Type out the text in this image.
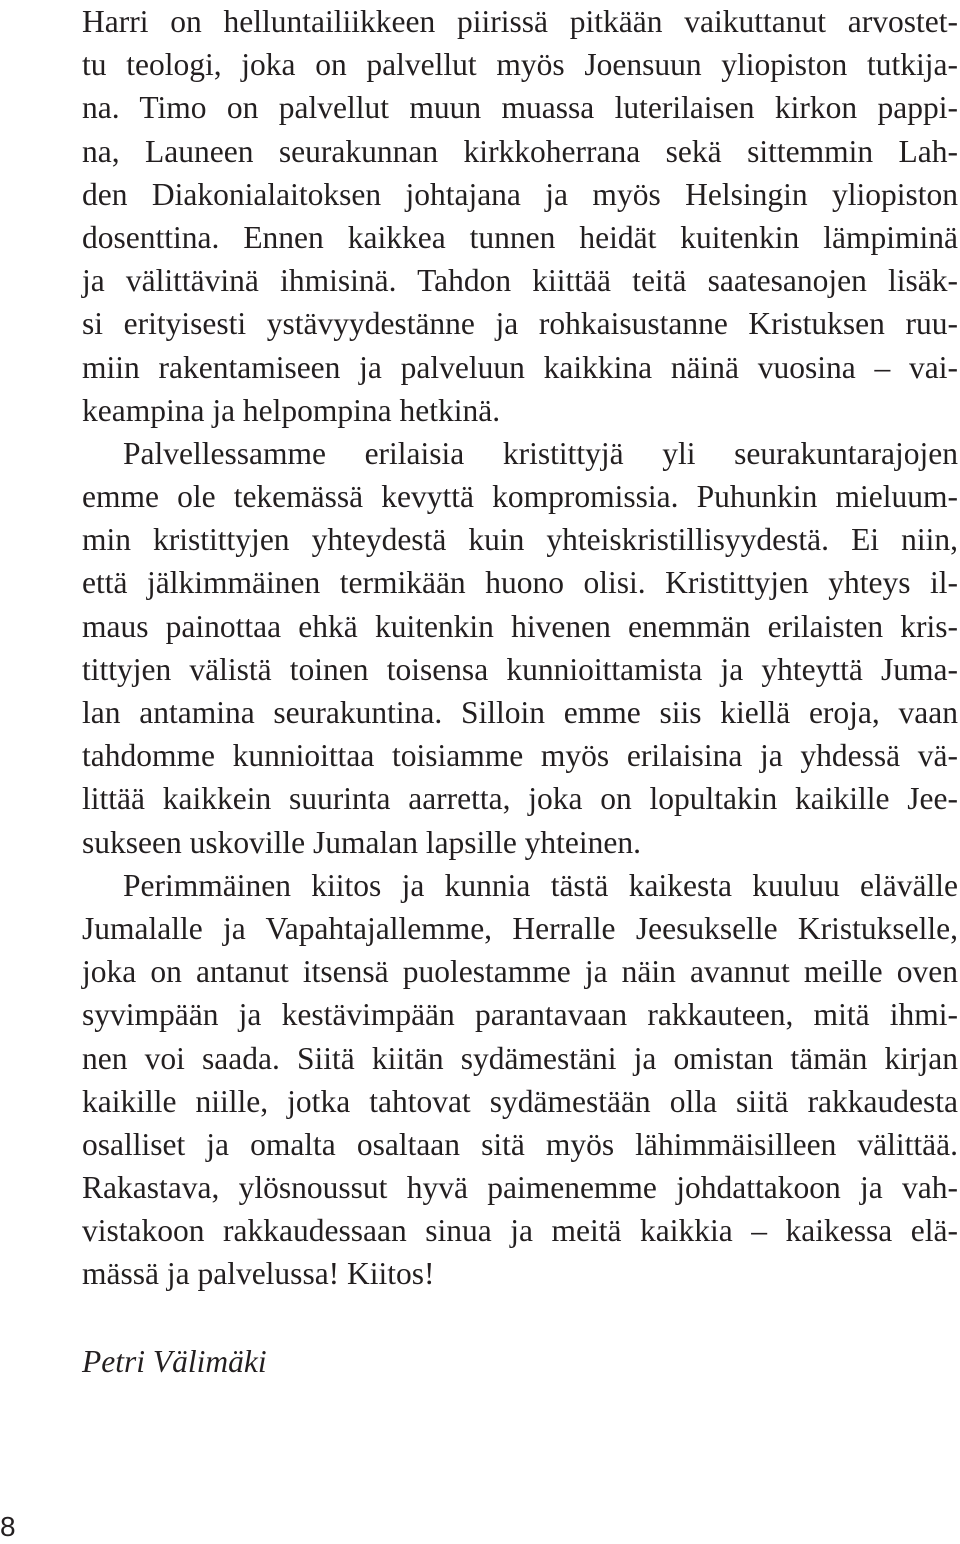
Harri on helluntailiikkeen piirissä pitkään vaikuttanut arvostet-
tu teologi, joka on palvellut myös Joensuun yliopiston tutkija-
na. Timo on palvellut muun muassa luterilaisen kirkon pappi-
na, Launeen seurakunnan kirkkoherrana sekä sittemmin Lah-
den Diakonialaitoksen johtajana ja myös Helsingin yliopiston
dosenttina. Ennen kaikkea tunnen heidät kuitenkin lämpiminä
ja välittävinä ihmisinä. Tahdon kiittää teitä saatesanojen lisäk-
si erityisesti ystävyydestänne ja rohkaisustanne Kristuksen ruu-
miin rakentamiseen ja palveluun kaikkina näinä vuosina – vai-
keampina ja helpompina hetkinä.
Palvellessamme erilaisia kristittyjä yli seurakuntarajojen
emme ole tekemässä kevyttä kompromissia. Puhunkin mieluum-
min kristittyjen yhteydestä kuin yhteiskristillisyydestä. Ei niin,
että jälkimmäinen termikään huono olisi. Kristittyjen yhteys il-
maus painottaa ehkä kuitenkin hivenen enemmän erilaisten kris-
tittyjen välistä toinen toisensa kunnioittamista ja yhteyttä Juma-
lan antamina seurakuntina. Silloin emme siis kiellä eroja, vaan
tahdomme kunnioittaa toisiamme myös erilaisina ja yhdessä vä-
littää kaikkein suurinta aarretta, joka on lopultakin kaikille Jee-
sukseen uskoville Jumalan lapsille yhteinen.
Perimmäinen kiitos ja kunnia tästä kaikesta kuuluu elävälle
Jumalalle ja Vapahtajallemme, Herralle Jeesukselle Kristukselle,
joka on antanut itsensä puolestamme ja näin avannut meille oven
syvimpään ja kestävimpään parantavaan rakkauteen, mitä ihmi-
nen voi saada. Siitä kiitän sydämestäni ja omistan tämän kirjan
kaikille niille, jotka tahtovat sydämestään olla siitä rakkaudesta
osalliset ja omalta osaltaan sitä myös lähimmäisilleen välittää.
Rakastava, ylösnoussut hyvä paimenemme johdattakoon ja vah-
vistakoon rakkaudessaan sinua ja meitä kaikkia – kaikessa elä-
mässä ja palvelussa! Kiitos!
Petri Välimäki
8
